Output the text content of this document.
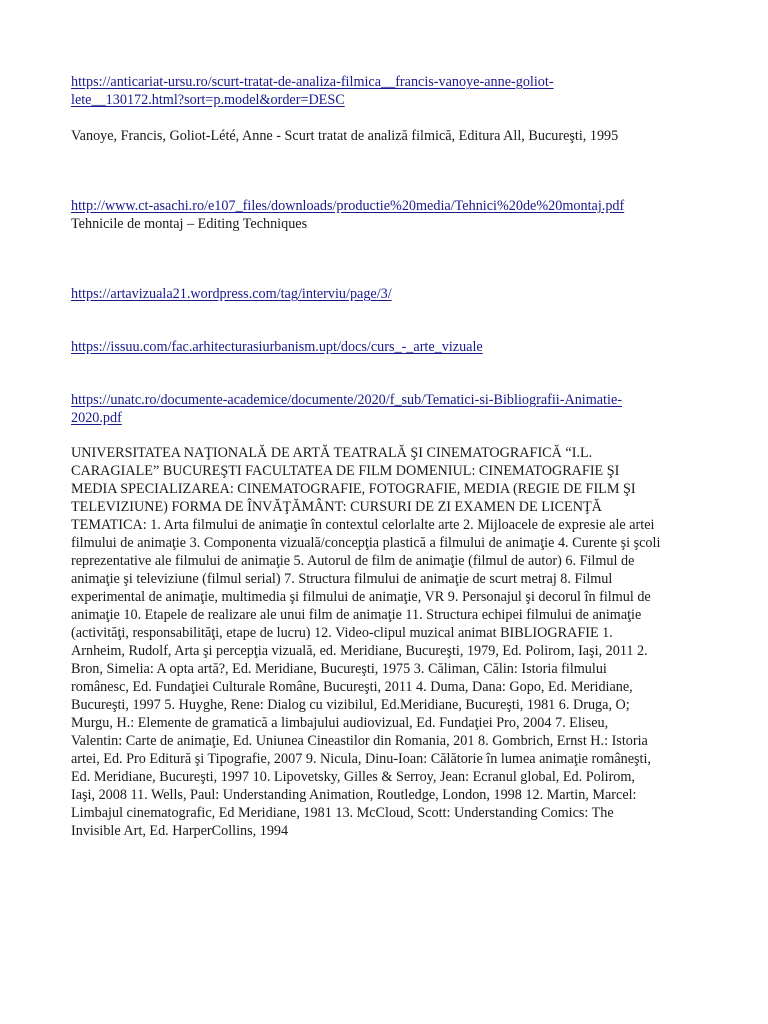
https://anticariat-ursu.ro/scurt-tratat-de-analiza-filmica__francis-vanoye-anne-goliot-
lete__130172.html?sort=p.model&order=DESC
Vanoye, Francis, Goliot-Lété, Anne - Scurt tratat de analiză filmică, Editura All, Bucureşti, 1995
http://www.ct-asachi.ro/e107_files/downloads/productie%20media/Tehnici%20de%20montaj.pdf
Tehnicile de montaj – Editing Techniques
https://artavizuala21.wordpress.com/tag/interviu/page/3/
https://issuu.com/fac.arhitecturasiurbanism.upt/docs/curs_-_arte_vizuale
https://unatc.ro/documente-academice/documente/2020/f_sub/Tematici-si-Bibliografii-Animatie-
2020.pdf
UNIVERSITATEA NAŢIONALĂ DE ARTĂ TEATRALĂ ŞI CINEMATOGRAFICĂ “I.L.
CARAGIALE” BUCUREŞTI FACULTATEA DE FILM DOMENIUL: CINEMATOGRAFIE ŞI
MEDIA SPECIALIZAREA: CINEMATOGRAFIE, FOTOGRAFIE, MEDIA (REGIE DE FILM ŞI
TELEVIZIUNE) FORMA DE ÎNVĂŢĂMÂNT: CURSURI DE ZI EXAMEN DE LICENŢĂ
TEMATICA: 1. Arta filmului de animaţie în contextul celorlalte arte 2. Mijloacele de expresie ale artei
filmului de animaţie 3. Componenta vizuală/concepţia plastică a filmului de animaţie 4. Curente şi şcoli
reprezentative ale filmului de animaţie 5. Autorul de film de animaţie (filmul de autor) 6. Filmul de
animaţie şi televiziune (filmul serial) 7. Structura filmului de animaţie de scurt metraj 8. Filmul
experimental de animaţie, multimedia şi filmului de animaţie, VR 9. Personajul şi decorul în filmul de
animaţie 10. Etapele de realizare ale unui film de animaţie 11. Structura echipei filmului de animaţie
(activităţi, responsabilităţi, etape de lucru) 12. Video-clipul muzical animat BIBLIOGRAFIE 1.
Arnheim, Rudolf, Arta şi percepţia vizuală, ed. Meridiane, Bucureşti, 1979, Ed. Polirom, Iaşi, 2011 2.
Bron, Simelia: A opta artă?, Ed. Meridiane, Bucureşti, 1975 3. Căliman, Călin: Istoria filmului
românesc, Ed. Fundaţiei Culturale Române, Bucureşti, 2011 4. Duma, Dana: Gopo, Ed. Meridiane,
Bucureşti, 1997 5. Huyghe, Rene: Dialog cu vizibilul, Ed.Meridiane, Bucureşti, 1981 6. Druga, O;
Murgu, H.: Elemente de gramatică a limbajului audiovizual, Ed. Fundaţiei Pro, 2004 7. Eliseu,
Valentin: Carte de animaţie, Ed. Uniunea Cineastilor din Romania, 201 8. Gombrich, Ernst H.: Istoria
artei, Ed. Pro Editură şi Tipografie, 2007 9. Nicula, Dinu-Ioan: Călătorie în lumea animaţie româneşti,
Ed. Meridiane, Bucureşti, 1997 10. Lipovetsky, Gilles & Serroy, Jean: Ecranul global, Ed. Polirom,
Iaşi, 2008 11. Wells, Paul: Understanding Animation, Routledge, London, 1998 12. Martin, Marcel:
Limbajul cinematografic, Ed Meridiane, 1981 13. McCloud, Scott: Understanding Comics: The
Invisible Art, Ed. HarperCollins, 1994
